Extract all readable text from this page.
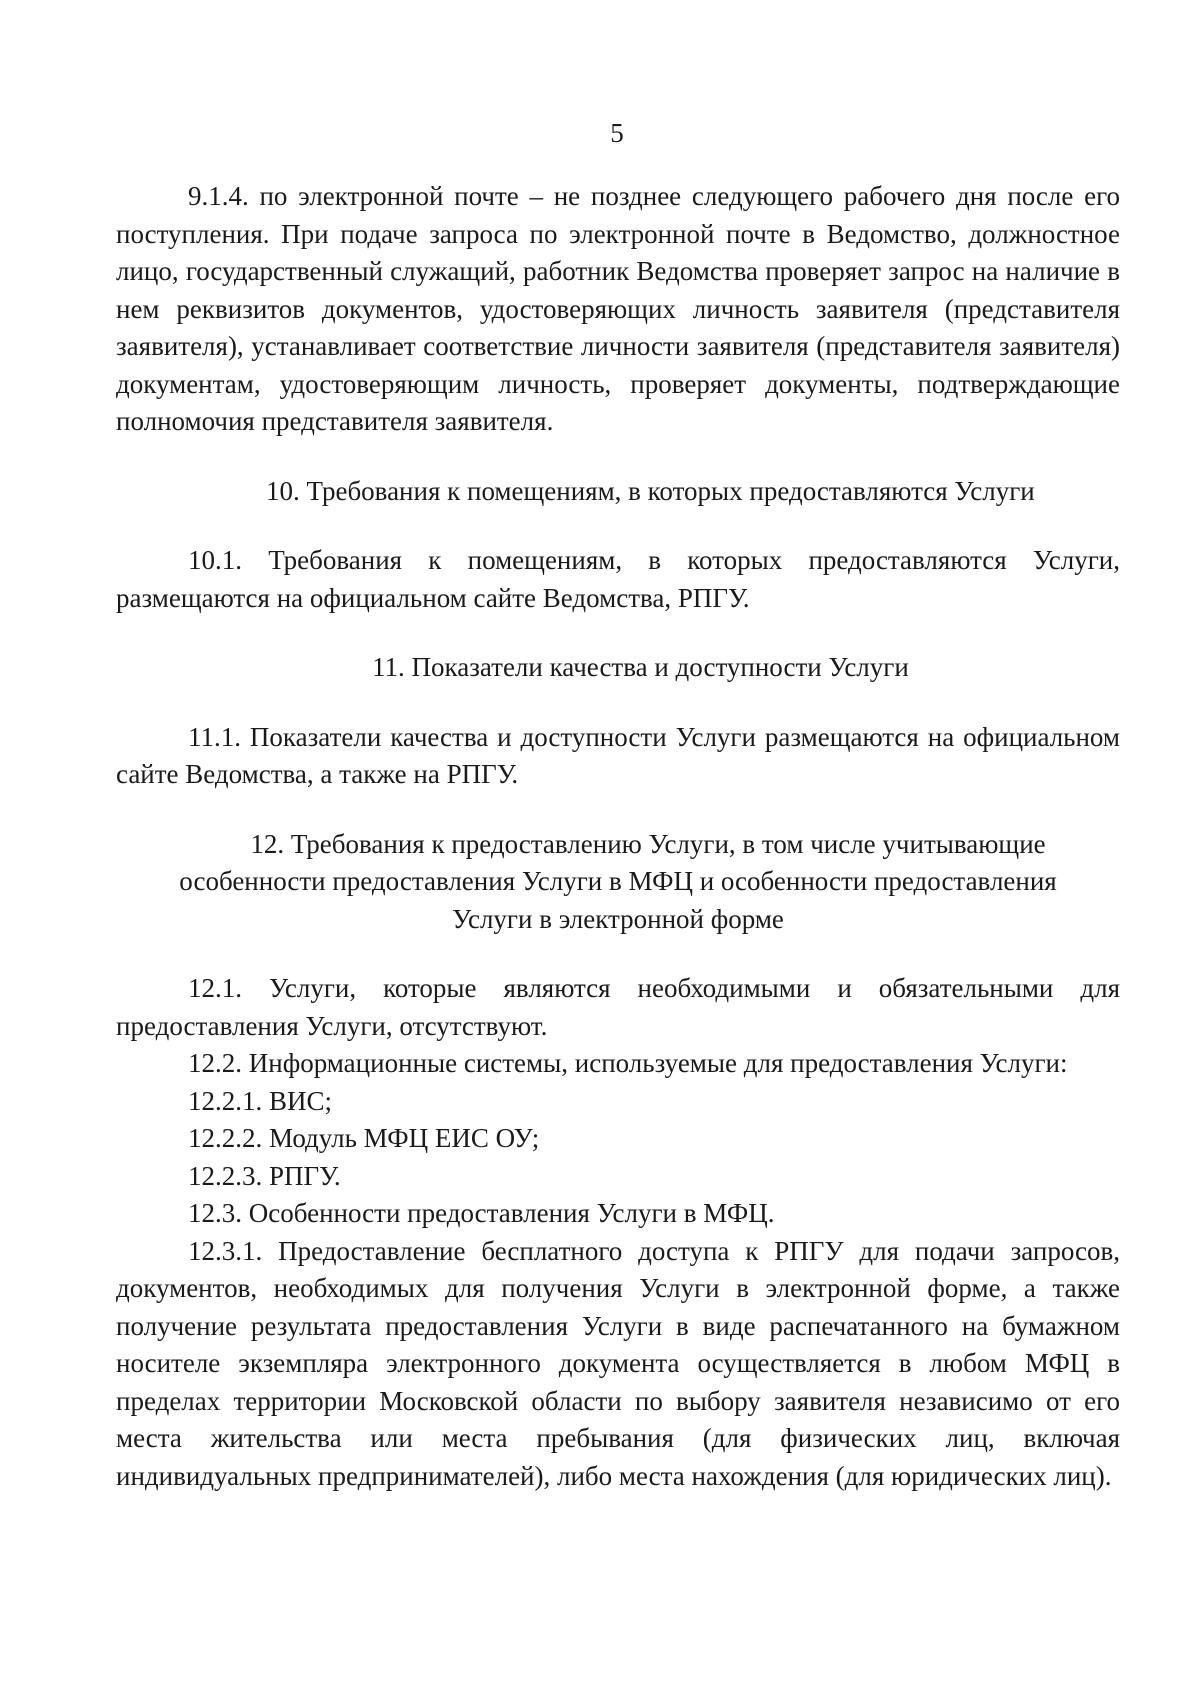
5

9.1.4. по электронной почте – не позднее следующего рабочего дня после его поступления. При подаче запроса по электронной почте в Ведомство, должностное лицо, государственный служащий, работник Ведомства проверяет запрос на наличие в нем реквизитов документов, удостоверяющих личность заявителя (представителя заявителя), устанавливает соответствие личности заявителя (представителя заявителя) документам, удостоверяющим личность, проверяет документы, подтверждающие полномочия представителя заявителя.

10. Требования к помещениям, в которых предоставляются Услуги

10.1. Требования к помещениям, в которых предоставляются Услуги, размещаются на официальном сайте Ведомства, РПГУ.

11. Показатели качества и доступности Услуги

11.1. Показатели качества и доступности Услуги размещаются на официальном сайте Ведомства, а также на РПГУ.

12. Требования к предоставлению Услуги, в том числе учитывающие

особенности предоставления Услуги в МФЦ и особенности предоставления

Услуги в электронной форме

12.1. Услуги, которые являются необходимыми и обязательными для предоставления Услуги, отсутствуют.

12.2. Информационные системы, используемые для предоставления Услуги:

12.2.1. ВИС;

12.2.2. Модуль МФЦ ЕИС ОУ;

12.2.3. РПГУ.

12.3. Особенности предоставления Услуги в МФЦ.

12.3.1. Предоставление бесплатного доступа к РПГУ для подачи запросов, документов, необходимых для получения Услуги в электронной форме, а также получение результата предоставления Услуги в виде распечатанного на бумажном носителе экземпляра электронного документа осуществляется в любом МФЦ в пределах территории Московской области по выбору заявителя независимо от его места жительства или места пребывания (для физических лиц, включая индивидуальных предпринимателей), либо места нахождения (для юридических лиц).
